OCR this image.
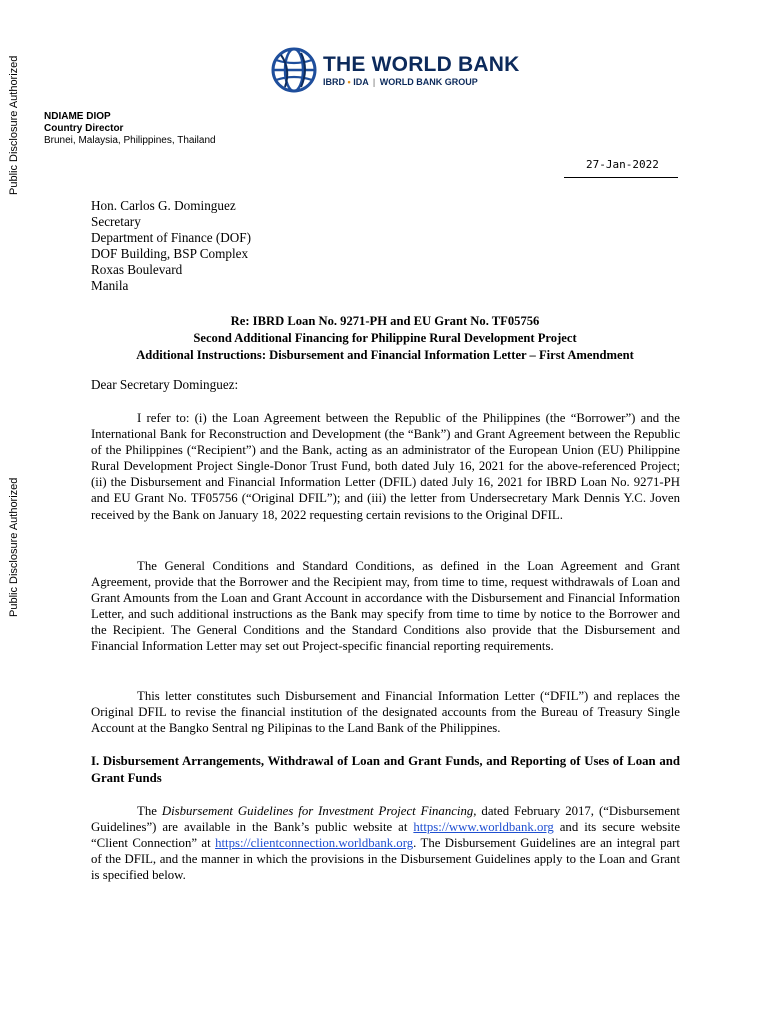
Public Disclosure Authorized
Public Disclosure Authorized
THE WORLD BANK
IBRD • IDA | WORLD BANK GROUP
NDIAME DIOP
Country Director
Brunei, Malaysia, Philippines, Thailand
27-Jan-2022
Hon. Carlos G. Dominguez
Secretary
Department of Finance (DOF)
DOF Building, BSP Complex
Roxas Boulevard
Manila
Re: IBRD Loan No. 9271-PH and EU Grant No. TF05756
Second Additional Financing for Philippine Rural Development Project
Additional Instructions: Disbursement and Financial Information Letter – First Amendment
Dear Secretary Dominguez:

I refer to: (i) the Loan Agreement between the Republic of the Philippines (the “Borrower”) and the International Bank for Reconstruction and Development (the “Bank”) and Grant Agreement between the Republic of the Philippines (“Recipient”) and the Bank, acting as an administrator of the European Union (EU) Philippine Rural Development Project Single-Donor Trust Fund, both dated July 16, 2021 for the above-referenced Project; (ii) the Disbursement and Financial Information Letter (DFIL) dated July 16, 2021 for IBRD Loan No. 9271-PH and EU Grant No. TF05756 (“Original DFIL”); and (iii) the letter from Undersecretary Mark Dennis Y.C. Joven received by the Bank on January 18, 2022 requesting certain revisions to the Original DFIL.

The General Conditions and Standard Conditions, as defined in the Loan Agreement and Grant Agreement, provide that the Borrower and the Recipient may, from time to time, request withdrawals of Loan and Grant Amounts from the Loan and Grant Account in accordance with the Disbursement and Financial Information Letter, and such additional instructions as the Bank may specify from time to time by notice to the Borrower and the Recipient. The General Conditions and the Standard Conditions also provide that the Disbursement and Financial Information Letter may set out Project-specific financial reporting requirements.

This letter constitutes such Disbursement and Financial Information Letter (“DFIL”) and replaces the Original DFIL to revise the financial institution of the designated accounts from the Bureau of Treasury Single Account at the Bangko Sentral ng Pilipinas to the Land Bank of the Philippines.

I. Disbursement Arrangements, Withdrawal of Loan and Grant Funds, and Reporting of Uses of Loan and Grant Funds

The Disbursement Guidelines for Investment Project Financing, dated February 2017, (“Disbursement Guidelines”) are available in the Bank’s public website at https://www.worldbank.org and its secure website “Client Connection” at https://clientconnection.worldbank.org. The Disbursement Guidelines are an integral part of the DFIL, and the manner in which the provisions in the Disbursement Guidelines apply to the Loan and Grant is specified below.
